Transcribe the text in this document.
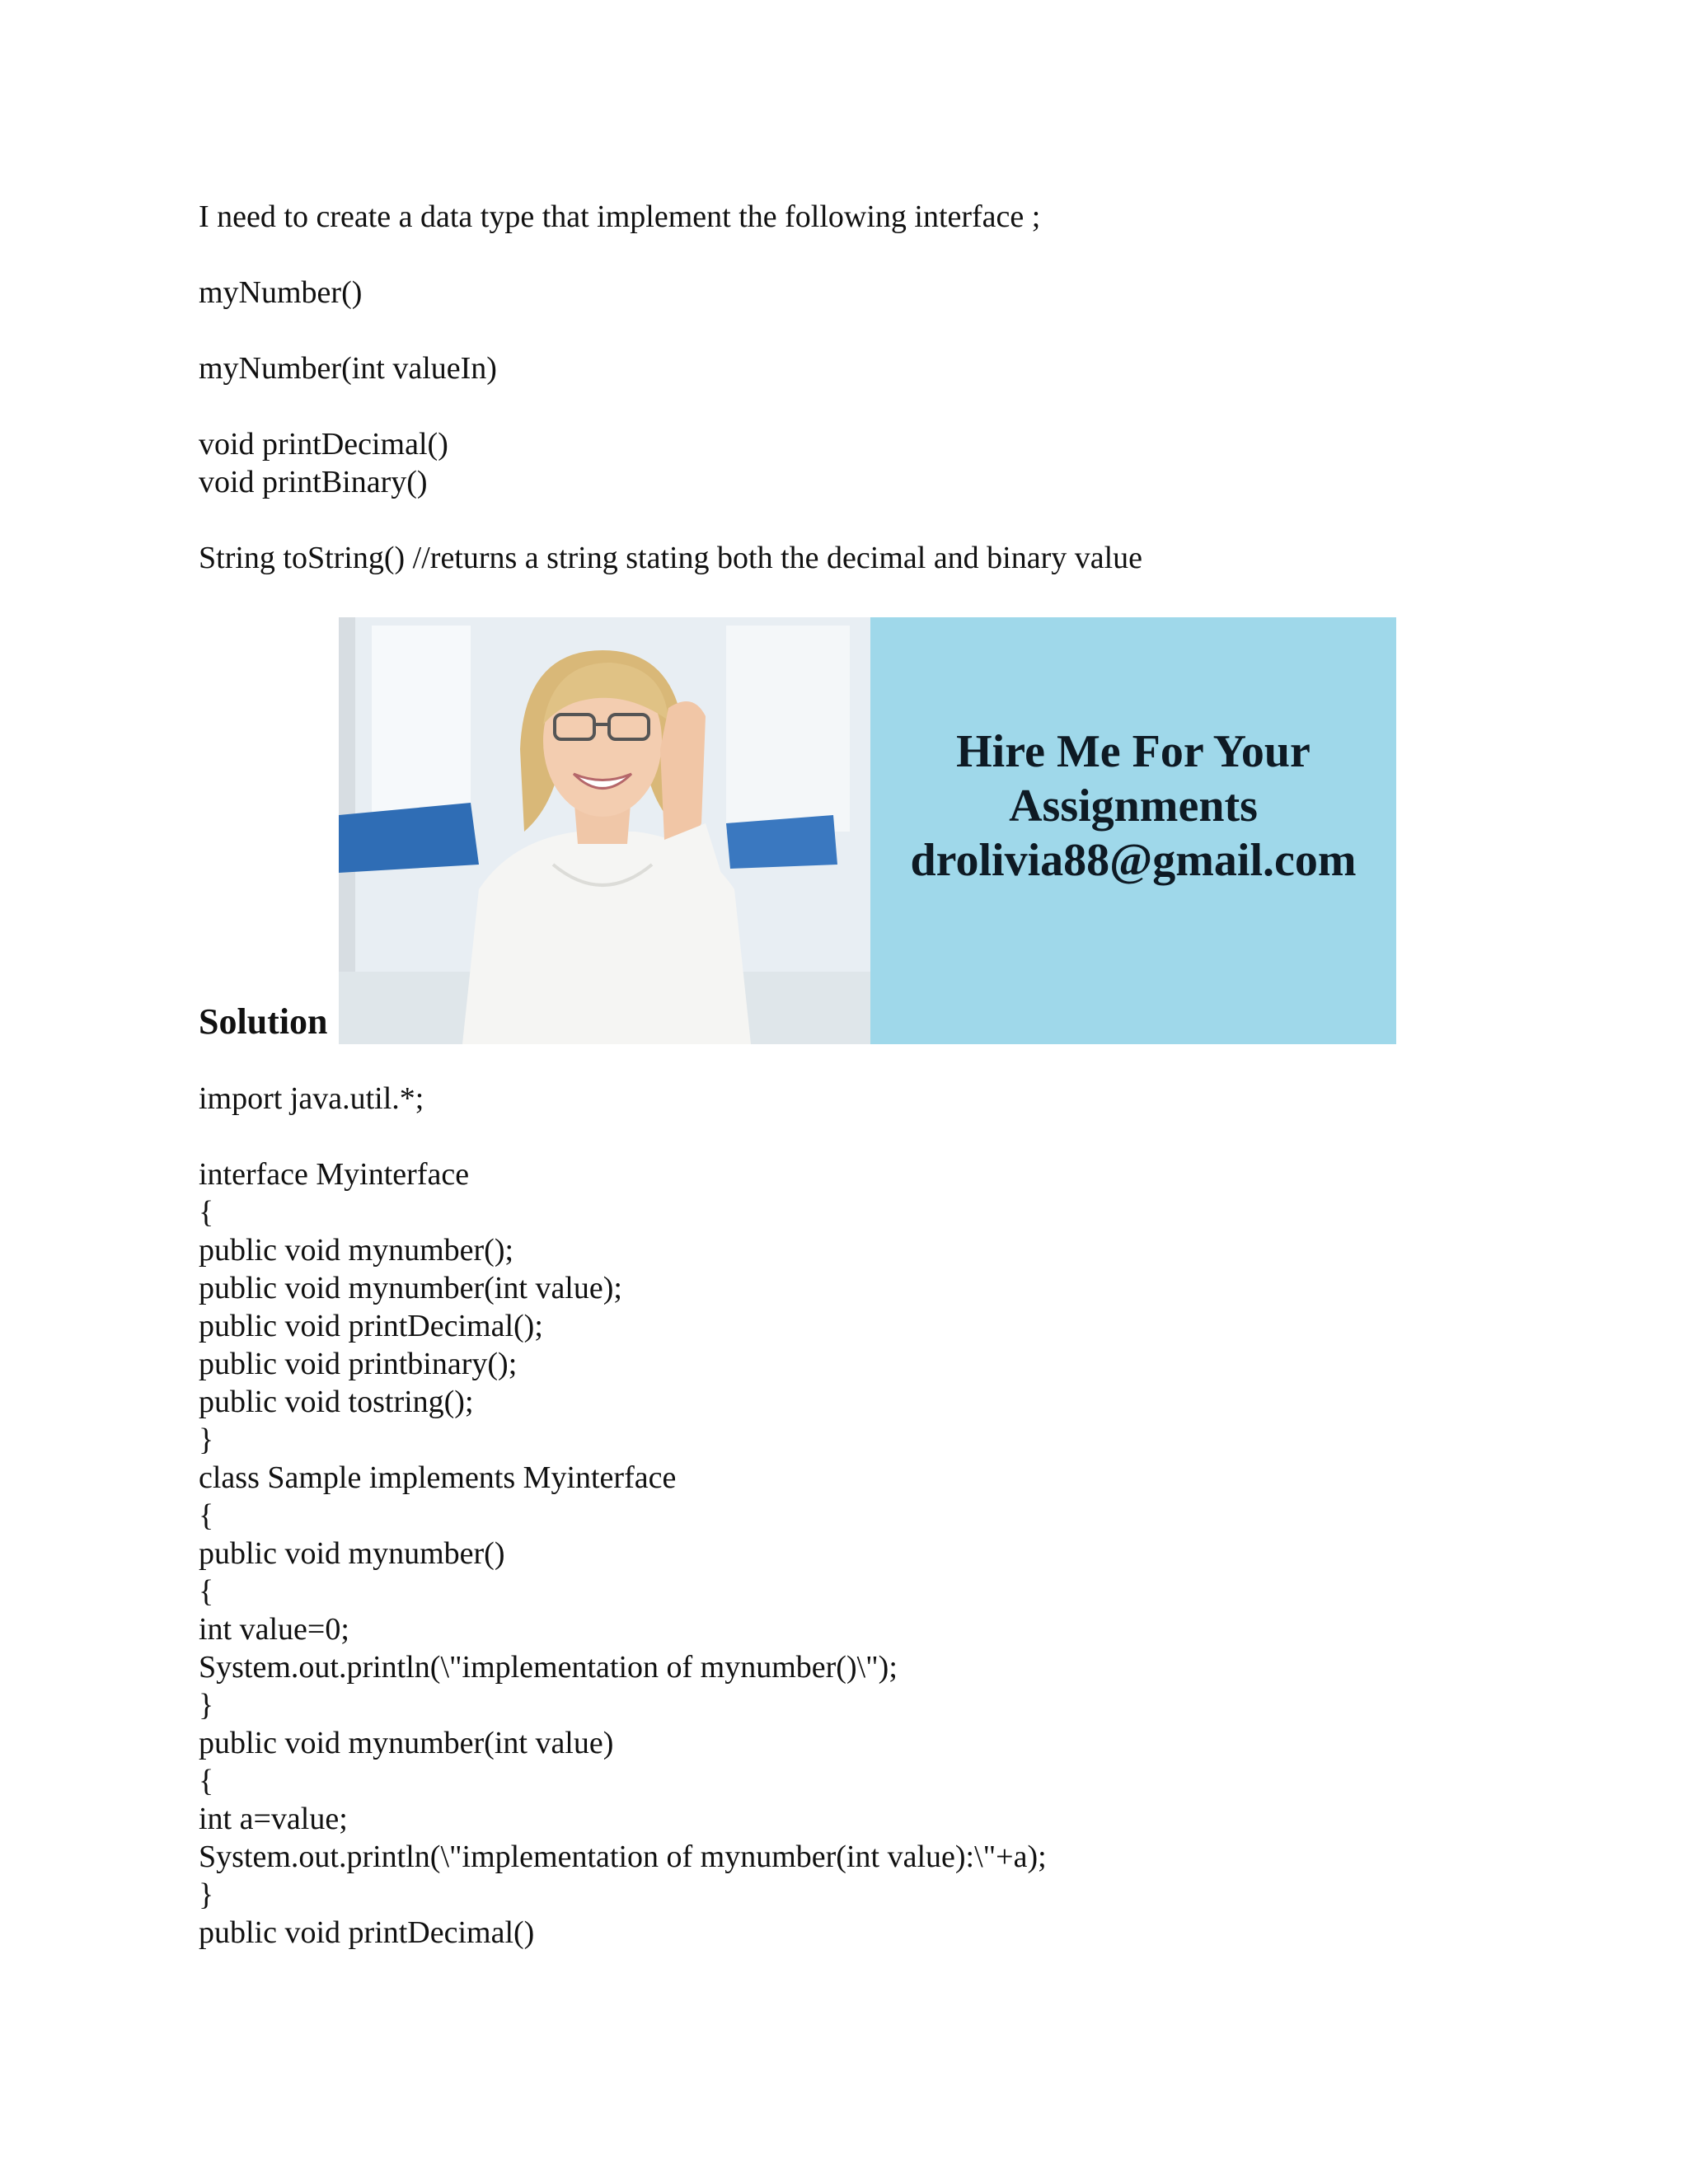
I need to create a data type that implement the following interface ;
myNumber()
myNumber(int valueIn)
void printDecimal()
void printBinary()
String toString() //returns a string stating both the decimal and binary value
Hire Me For Your
Assignments
drolivia88@gmail.com
Solution
import java.util.*;
interface Myinterface
{
public void mynumber();
public void mynumber(int value);
public void printDecimal();
public void printbinary();
public void tostring();
}
class Sample implements Myinterface
{
public void mynumber()
{
int value=0;
System.out.println(\"implementation of mynumber()\");
}
public void mynumber(int value)
{
int a=value;
System.out.println(\"implementation of mynumber(int value):\"+a);
}
public void printDecimal()
